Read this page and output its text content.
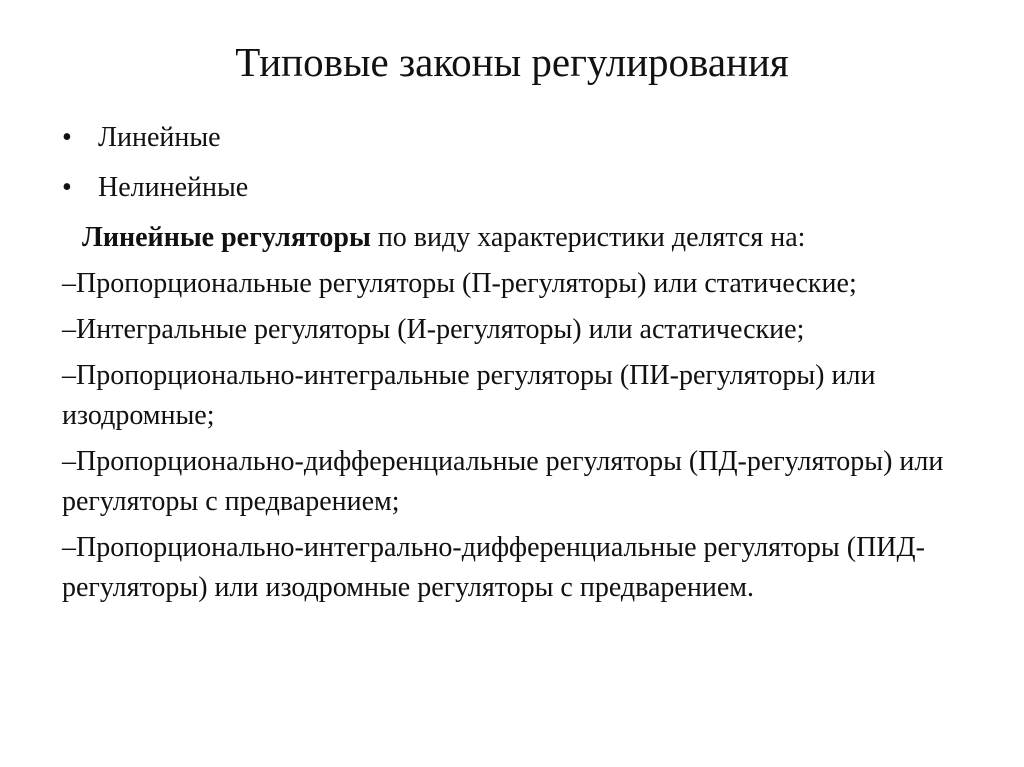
Типовые законы регулирования
• Линейные
• Нелинейные
Линейные регуляторы по виду характеристики делятся на:
–Пропорциональные регуляторы (П-регуляторы) или статические;
–Интегральные регуляторы (И-регуляторы) или астатические;
–Пропорционально-интегральные регуляторы (ПИ-регуляторы) или изодромные;
–Пропорционально-дифференциальные регуляторы (ПД-регуляторы) или регуляторы с предварением;
–Пропорционально-интегрально-дифференциальные регуляторы (ПИД-регуляторы) или изодромные регуляторы с предварением.
